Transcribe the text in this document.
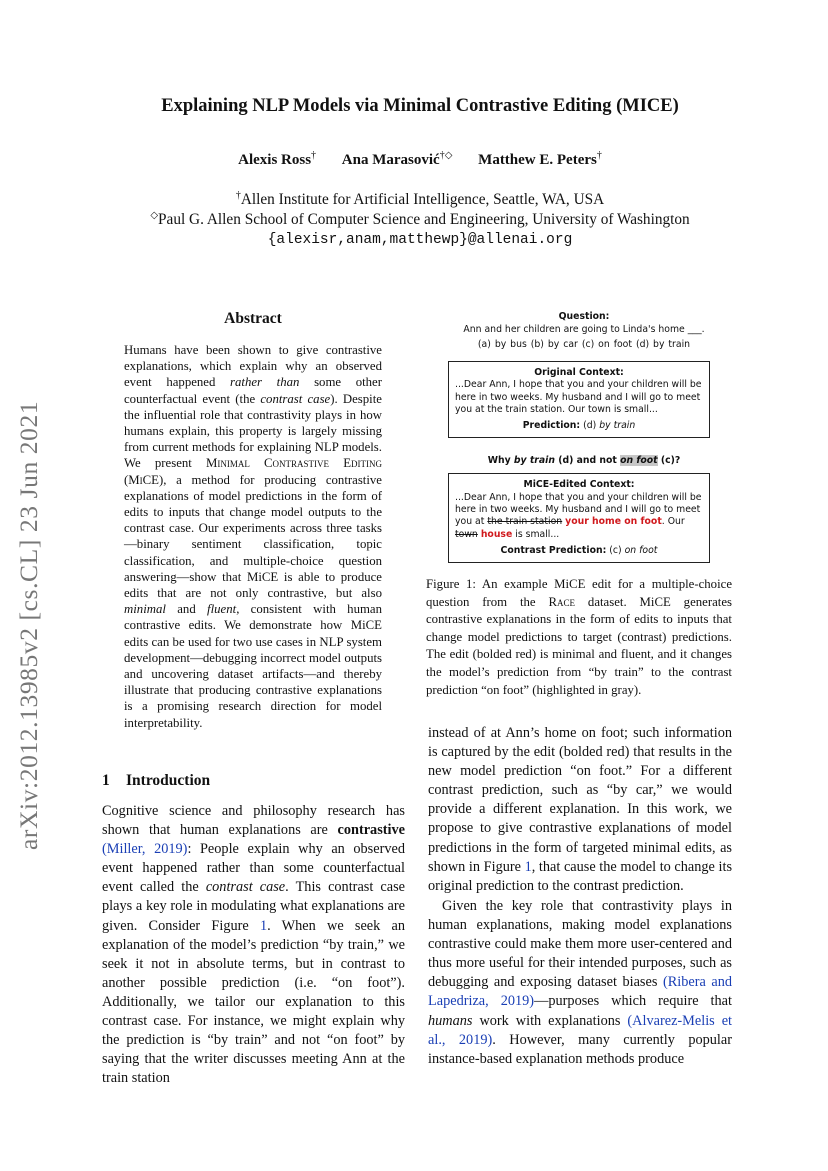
arXiv:2012.13985v2 [cs.CL] 23 Jun 2021
Explaining NLP Models via Minimal Contrastive Editing (MICE)
Alexis Ross† Ana Marasović†◇ Matthew E. Peters†
†Allen Institute for Artificial Intelligence, Seattle, WA, USA
◇Paul G. Allen School of Computer Science and Engineering, University of Washington
{alexisr,anam,matthewp}@allenai.org
Abstract
Humans have been shown to give contrastive explanations, which explain why an observed event happened rather than some other counterfactual event (the contrast case). Despite the influential role that contrastivity plays in how humans explain, this property is largely missing from current methods for explaining NLP models. We present Minimal Contrastive Editing (MiCE), a method for producing contrastive explanations of model predictions in the form of edits to inputs that change model outputs to the contrast case. Our experiments across three tasks—binary sentiment classification, topic classification, and multiple-choice question answering—show that MiCE is able to produce edits that are not only contrastive, but also minimal and fluent, consistent with human contrastive edits. We demonstrate how MiCE edits can be used for two use cases in NLP system development—debugging incorrect model outputs and uncovering dataset artifacts—and thereby illustrate that producing contrastive explanations is a promising research direction for model interpretability.
1 Introduction
Cognitive science and philosophy research has shown that human explanations are contrastive (Miller, 2019): People explain why an observed event happened rather than some counterfactual event called the contrast case. This contrast case plays a key role in modulating what explanations are given. Consider Figure 1. When we seek an explanation of the model’s prediction “by train,” we seek it not in absolute terms, but in contrast to another possible prediction (i.e. “on foot”). Additionally, we tailor our explanation to this contrast case. For instance, we might explain why the prediction is “by train” and not “on foot” by saying that the writer discusses meeting Ann at the train station
instead of at Ann’s home on foot; such information is captured by the edit (bolded red) that results in the new model prediction “on foot.” For a different contrast prediction, such as “by car,” we would provide a different explanation. In this work, we propose to give contrastive explanations of model predictions in the form of targeted minimal edits, as shown in Figure 1, that cause the model to change its original prediction to the contrast prediction.
Given the key role that contrastivity plays in human explanations, making model explanations contrastive could make them more user-centered and thus more useful for their intended purposes, such as debugging and exposing dataset biases (Ribera and Lapedriza, 2019)—purposes which require that humans work with explanations (Alvarez-Melis et al., 2019). However, many currently popular instance-based explanation methods produce
Question:
Ann and her children are going to Linda's home ___.
(a) by bus (b) by car (c) on foot (d) by train
Original Context:
...Dear Ann, I hope that you and your children will be here in two weeks. My husband and I will go to meet you at the train station. Our town is small...
Prediction: (d) by train
Why by train (d) and not on foot (c)?
MiCE-Edited Context:
...Dear Ann, I hope that you and your children will be here in two weeks. My husband and I will go to meet you at the train station your home on foot. Our town house is small...
Contrast Prediction: (c) on foot
Figure 1: An example MiCE edit for a multiple-choice question from the Race dataset. MiCE generates contrastive explanations in the form of edits to inputs that change model predictions to target (contrast) predictions. The edit (bolded red) is minimal and fluent, and it changes the model’s prediction from “by train” to the contrast prediction “on foot” (highlighted in gray).
